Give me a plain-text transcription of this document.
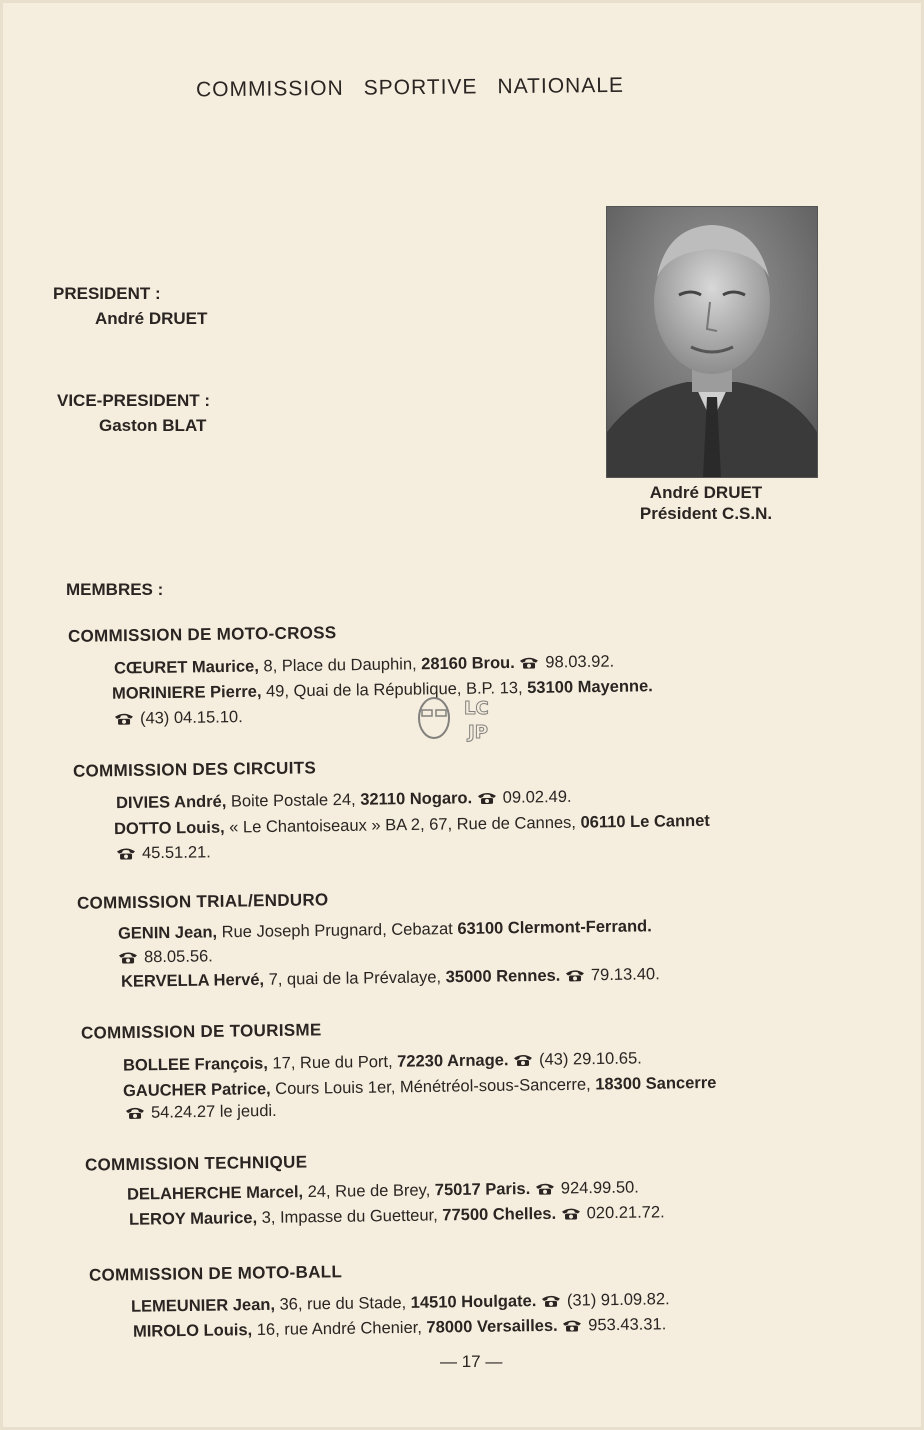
COMMISSION SPORTIVE NATIONALE
PRESIDENT :
André DRUET
VICE-PRESIDENT :
Gaston BLAT
André DRUET
Président C.S.N.
MEMBRES :
COMMISSION DE MOTO-CROSS
CŒURET Maurice, 8, Place du Dauphin, 28160 Brou. 98.03.92.
MORINIERE Pierre, 49, Quai de la République, B.P. 13, 53100 Mayenne.
(43) 04.15.10.
COMMISSION DES CIRCUITS
DIVIES André, Boite Postale 24, 32110 Nogaro. 09.02.49.
DOTTO Louis, « Le Chantoiseaux » BA 2, 67, Rue de Cannes, 06110 Le Cannet
45.51.21.
COMMISSION TRIAL/ENDURO
GENIN Jean, Rue Joseph Prugnard, Cebazat 63100 Clermont-Ferrand.
88.05.56.
KERVELLA Hervé, 7, quai de la Prévalaye, 35000 Rennes. 79.13.40.
COMMISSION DE TOURISME
BOLLEE François, 17, Rue du Port, 72230 Arnage. (43) 29.10.65.
GAUCHER Patrice, Cours Louis 1er, Ménétréol-sous-Sancerre, 18300 Sancerre
54.24.27 le jeudi.
COMMISSION TECHNIQUE
DELAHERCHE Marcel, 24, Rue de Brey, 75017 Paris. 924.99.50.
LEROY Maurice, 3, Impasse du Guetteur, 77500 Chelles. 020.21.72.
COMMISSION DE MOTO-BALL
LEMEUNIER Jean, 36, rue du Stade, 14510 Houlgate. (31) 91.09.82.
MIROLO Louis, 16, rue André Chenier, 78000 Versailles. 953.43.31.
LC
JP
— 17 —
